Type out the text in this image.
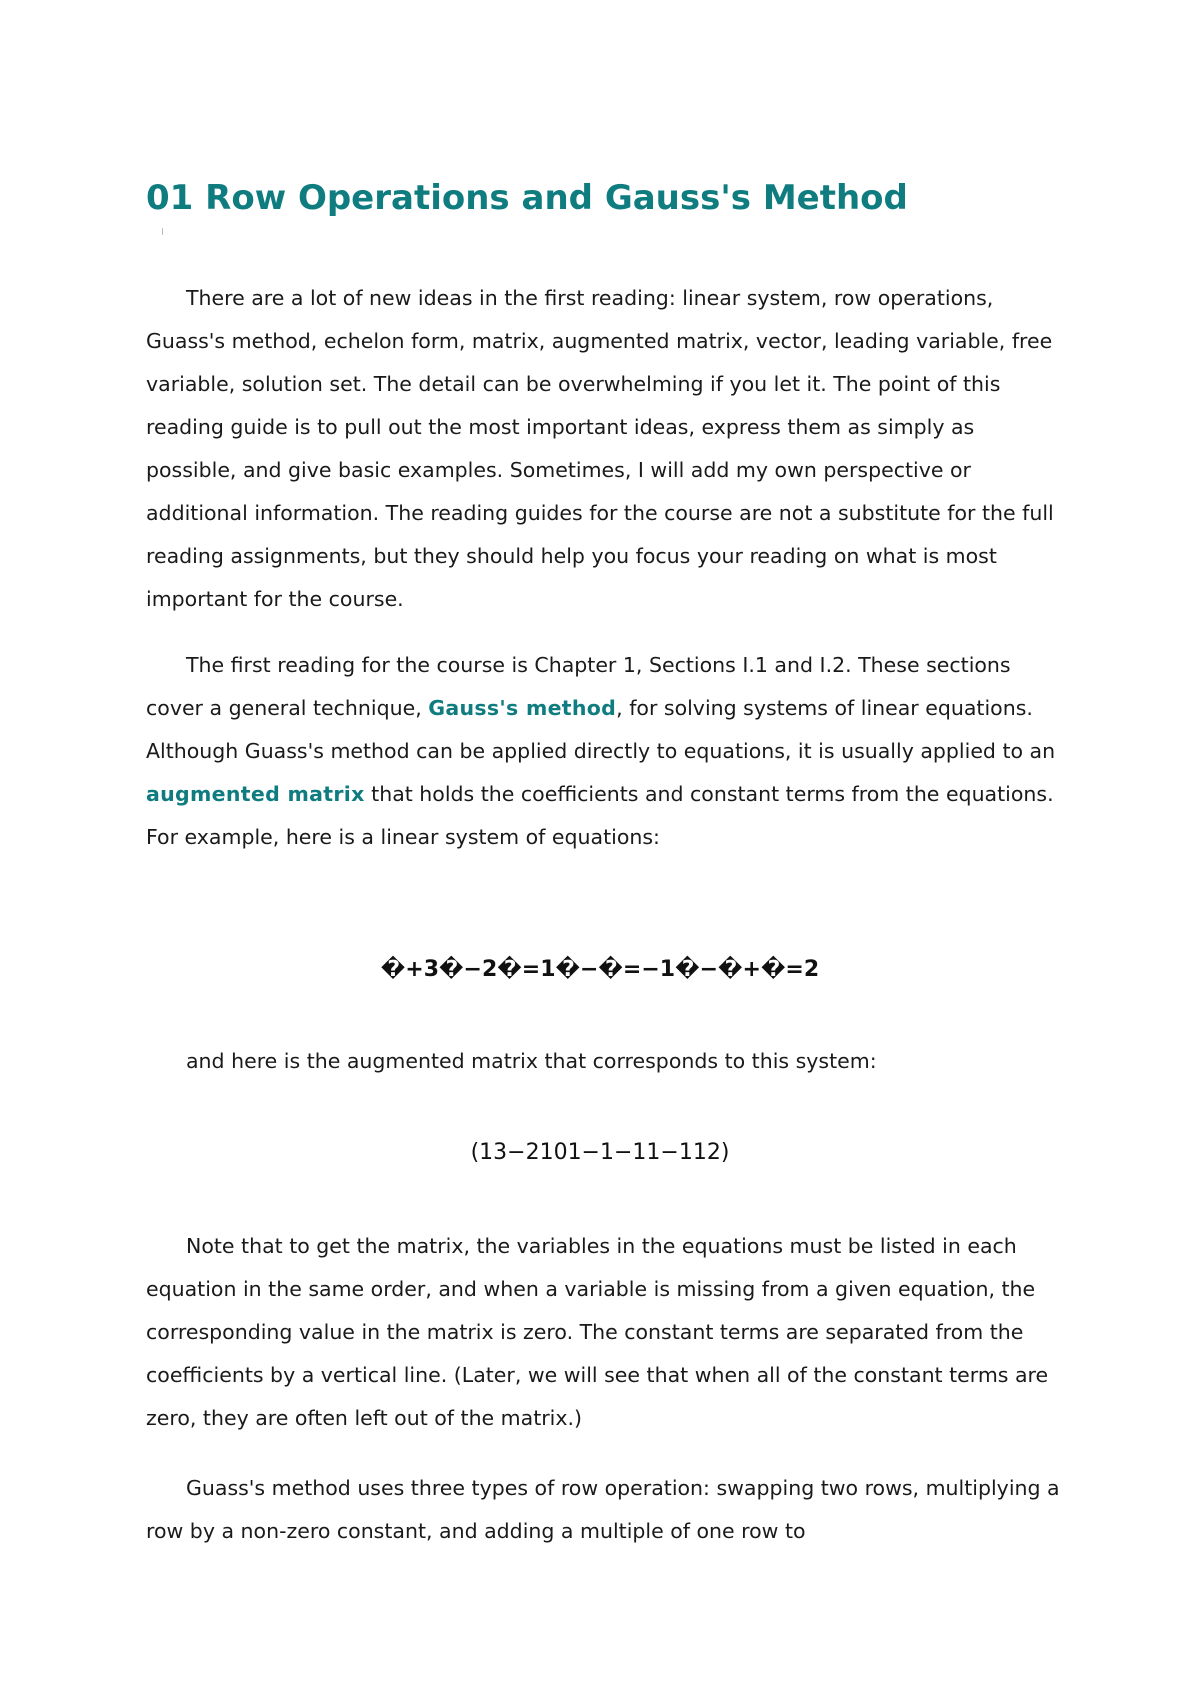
01 Row Operations and Gauss's Method

There are a lot of new ideas in the first reading: linear system, row operations, Guass's method, echelon form, matrix, augmented matrix, vector, leading variable, free variable, solution set. The detail can be overwhelming if you let it. The point of this reading guide is to pull out the most important ideas, express them as simply as possible, and give basic examples. Sometimes, I will add my own perspective or additional information. The reading guides for the course are not a substitute for the full reading assignments, but they should help you focus your reading on what is most important for the course.

The first reading for the course is Chapter 1, Sections I.1 and I.2. These sections cover a general technique, Gauss's method, for solving systems of linear equations. Although Guass's method can be applied directly to equations, it is usually applied to an augmented matrix that holds the coefficients and constant terms from the equations. For example, here is a linear system of equations:

�+3�−2�=1�−�=−1�−�+�=2

and here is the augmented matrix that corresponds to this system:

(13−2101−1−11−112)

Note that to get the matrix, the variables in the equations must be listed in each equation in the same order, and when a variable is missing from a given equation, the corresponding value in the matrix is zero. The constant terms are separated from the coefficients by a vertical line. (Later, we will see that when all of the constant terms are zero, they are often left out of the matrix.)

Guass's method uses three types of row operation: swapping two rows, multiplying a row by a non-zero constant, and adding a multiple of one row to
